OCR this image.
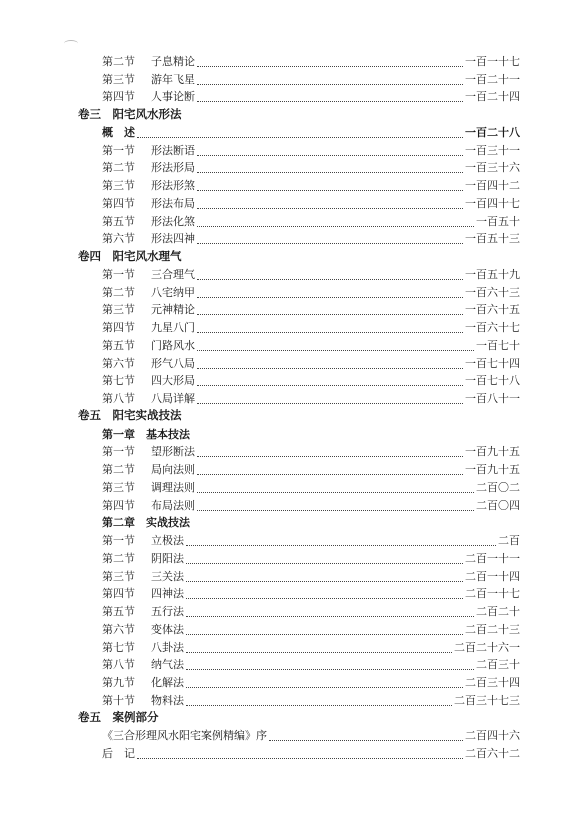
第二节 子息精论	一百一十七
第三节 游年飞星	一百二十一
第四节 人事论断	一百二十四
卷三　阳宅风水形法
概　述	一百二十八
第一节 形法断语	一百三十一
第二节 形法形局	一百三十六
第三节 形法形煞	一百四十二
第四节 形法布局	一百四十七
第五节 形法化煞	一百五十
第六节 形法四神	一百五十三
卷四　阳宅风水理气
第一节 三合理气	一百五十九
第二节 八宅纳甲	一百六十三
第三节 元神精论	一百六十五
第四节 九星八门	一百六十七
第五节 门路风水	一百七十
第六节 形气八局	一百七十四
第七节 四大形局	一百七十八
第八节 八局详解	一百八十一
卷五　阳宅实战技法
第一章　基本技法
第一节 望形断法	一百九十五
第二节 局向法则	一百九十五
第三节 调理法则	二百〇二
第四节 布局法则	二百〇四
第二章　实战技法
第一节 立极法	二百
第二节 阴阳法	二百一十一
第三节 三关法	二百一十四
第四节 四神法	二百一十七
第五节 五行法	二百二十
第六节 变体法	二百二十三
第七节 八卦法	二百二十六一
第八节 纳气法	二百三十
第九节 化解法	二百三十四
第十节 物料法	二百三十七三
卷五　案例部分
《三合形理风水阳宅案例精编》序	二百四十六
后　记	二百六十二
